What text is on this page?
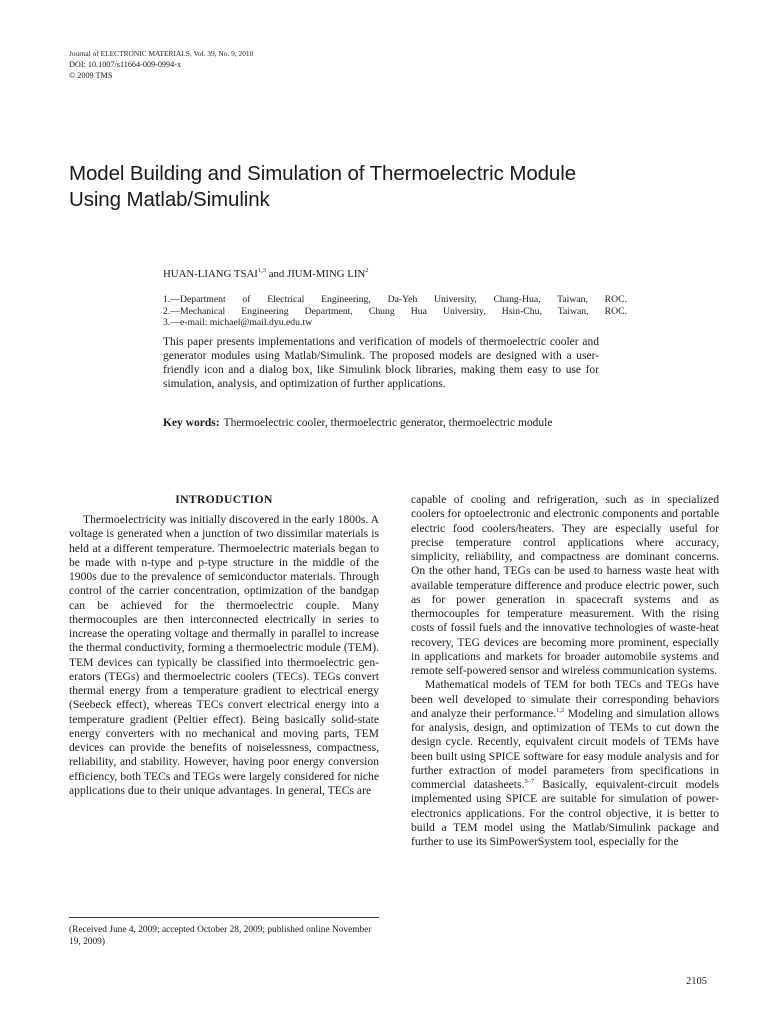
Journal of ELECTRONIC MATERIALS, Vol. 39, No. 9, 2010
DOI: 10.1007/s11664-009-0994-x
© 2009 TMS
Model Building and Simulation of Thermoelectric Module
Using Matlab/Simulink
HUAN-LIANG TSAI$^{1,3}$ and JIUM-MING LIN$^2$
1.—Department of Electrical Engineering, Da-Yeh University, Chang-Hua, Taiwan, ROC.
2.—Mechanical Engineering Department, Chung Hua University, Hsin-Chu, Taiwan, ROC.
3.—e-mail: michael@mail.dyu.edu.tw

This paper presents implementations and verification of models of thermoelectric cooler and generator modules using Matlab/Simulink. The proposed models are designed with a user-friendly icon and a dialog box, like Simulink block libraries, making them easy to use for simulation, analysis, and optimization of further applications.

Key words: Thermoelectric cooler, thermoelectric generator, thermoelectric module
INTRODUCTION

Thermoelectricity was initially discovered in the early 1800s. A voltage is generated when a junction of two dissimilar materials is held at a different temperature. Thermoelectric materials began to be made with n-type and p-type structure in the middle of the 1900s due to the prevalence of semiconductor materials. Through control of the carrier concentration, optimization of the bandgap can be achieved for the thermoelectric couple. Many thermocouples are then interconnected electrically in series to increase the operating voltage and thermally in parallel to increase the thermal conductivity, forming a thermoelectric module (TEM). TEM devices can typically be classified into thermoelectric generators (TEGs) and thermoelectric coolers (TECs). TEGs convert thermal energy from a temperature gradient to electrical energy (Seebeck effect), whereas TECs convert electrical energy into a temperature gradient (Peltier effect). Being basically solid-state energy converters with no mechanical and moving parts, TEM devices can provide the benefits of noiselessness, compactness, reliability, and stability. However, having poor energy conversion efficiency, both TECs and TEGs were largely considered for niche applications due to their unique advantages. In general, TECs are

capable of cooling and refrigeration, such as in specialized coolers for optoelectronic and electronic components and portable electric food coolers/heaters. They are especially useful for precise temperature control applications where accuracy, simplicity, reliability, and compactness are dominant concerns. On the other hand, TEGs can be used to harness waste heat with available temperature difference and produce electric power, such as for power generation in spacecraft systems and as thermocouples for temperature measurement. With the rising costs of fossil fuels and the innovative technologies of waste-heat recovery, TEG devices are becoming more prominent, especially in applications and markets for broader automobile systems and remote self-powered sensor and wireless communication systems.

Mathematical models of TEM for both TECs and TEGs have been well developed to simulate their corresponding behaviors and analyze their performance.$^{1,2}$ Modeling and simulation allows for analysis, design, and optimization of TEMs to cut down the design cycle. Recently, equivalent circuit models of TEMs have been built using SPICE software for easy module analysis and for further extraction of model parameters from specifications in commercial datasheets.$^{3-7}$ Basically, equivalent-circuit models implemented using SPICE are suitable for simulation of power-electronics applications. For the control objective, it is better to build a TEM model using the Matlab/Simulink package and further to use its SimPowerSystem tool, especially for the

(Received June 4, 2009; accepted October 28, 2009; published online November 19, 2009)
2105
